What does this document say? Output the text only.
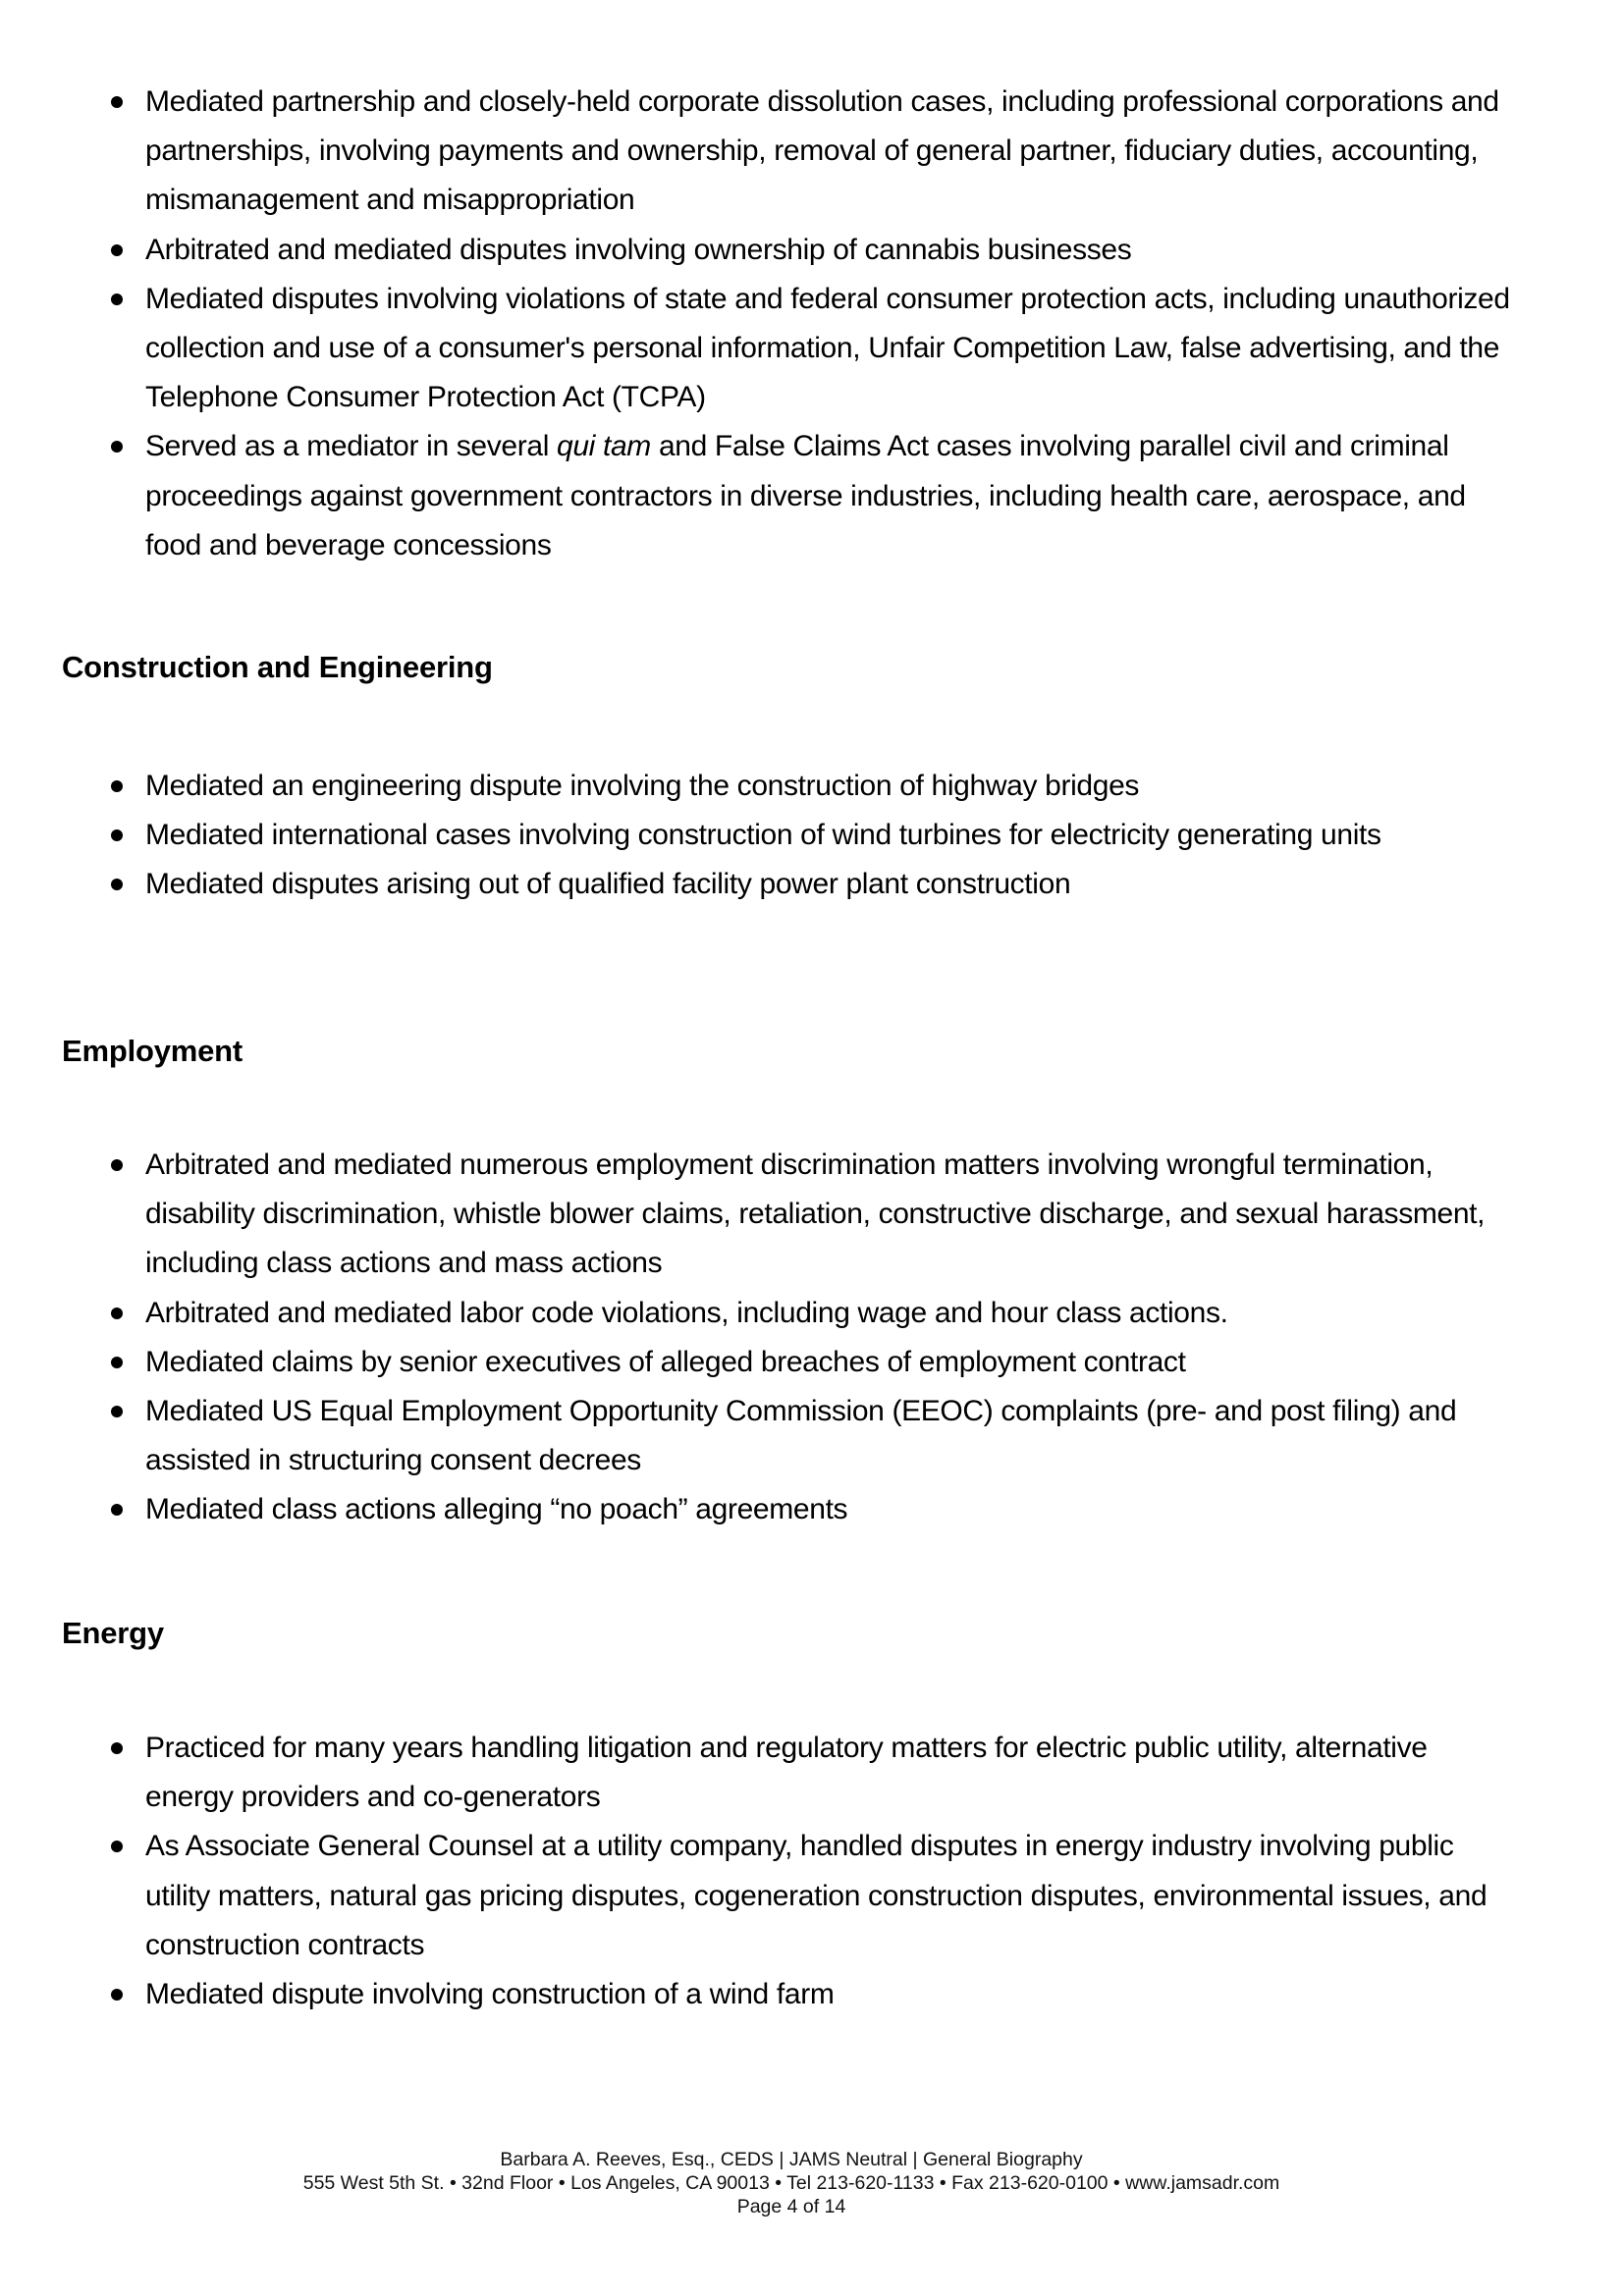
Mediated partnership and closely-held corporate dissolution cases, including professional corporations and partnerships, involving payments and ownership, removal of general partner, fiduciary duties, accounting, mismanagement and misappropriation
Arbitrated and mediated disputes involving ownership of cannabis businesses
Mediated disputes involving violations of state and federal consumer protection acts, including unauthorized collection and use of a consumer's personal information, Unfair Competition Law, false advertising, and the Telephone Consumer Protection Act (TCPA)
Served as a mediator in several qui tam and False Claims Act cases involving parallel civil and criminal proceedings against government contractors in diverse industries, including health care, aerospace, and food and beverage concessions
Construction and Engineering
Mediated an engineering dispute involving the construction of highway bridges
Mediated international cases involving construction of wind turbines for electricity generating units
Mediated disputes arising out of qualified facility power plant construction
Employment
Arbitrated and mediated numerous employment discrimination matters involving wrongful termination, disability discrimination, whistle blower claims, retaliation, constructive discharge, and sexual harassment, including class actions and mass actions
Arbitrated and mediated labor code violations, including wage and hour class actions.
Mediated claims by senior executives of alleged breaches of employment contract
Mediated US Equal Employment Opportunity Commission (EEOC) complaints (pre- and post filing) and assisted in structuring consent decrees
Mediated class actions alleging “no poach” agreements
Energy
Practiced for many years handling litigation and regulatory matters for electric public utility, alternative energy providers and co-generators
As Associate General Counsel at a utility company, handled disputes in energy industry involving public utility matters, natural gas pricing disputes, cogeneration construction disputes, environmental issues, and construction contracts
Mediated dispute involving construction of a wind farm
Barbara A. Reeves, Esq., CEDS | JAMS Neutral | General Biography
555 West 5th St. • 32nd Floor • Los Angeles, CA 90013 • Tel 213-620-1133 • Fax 213-620-0100 • www.jamsadr.com
Page 4 of 14
